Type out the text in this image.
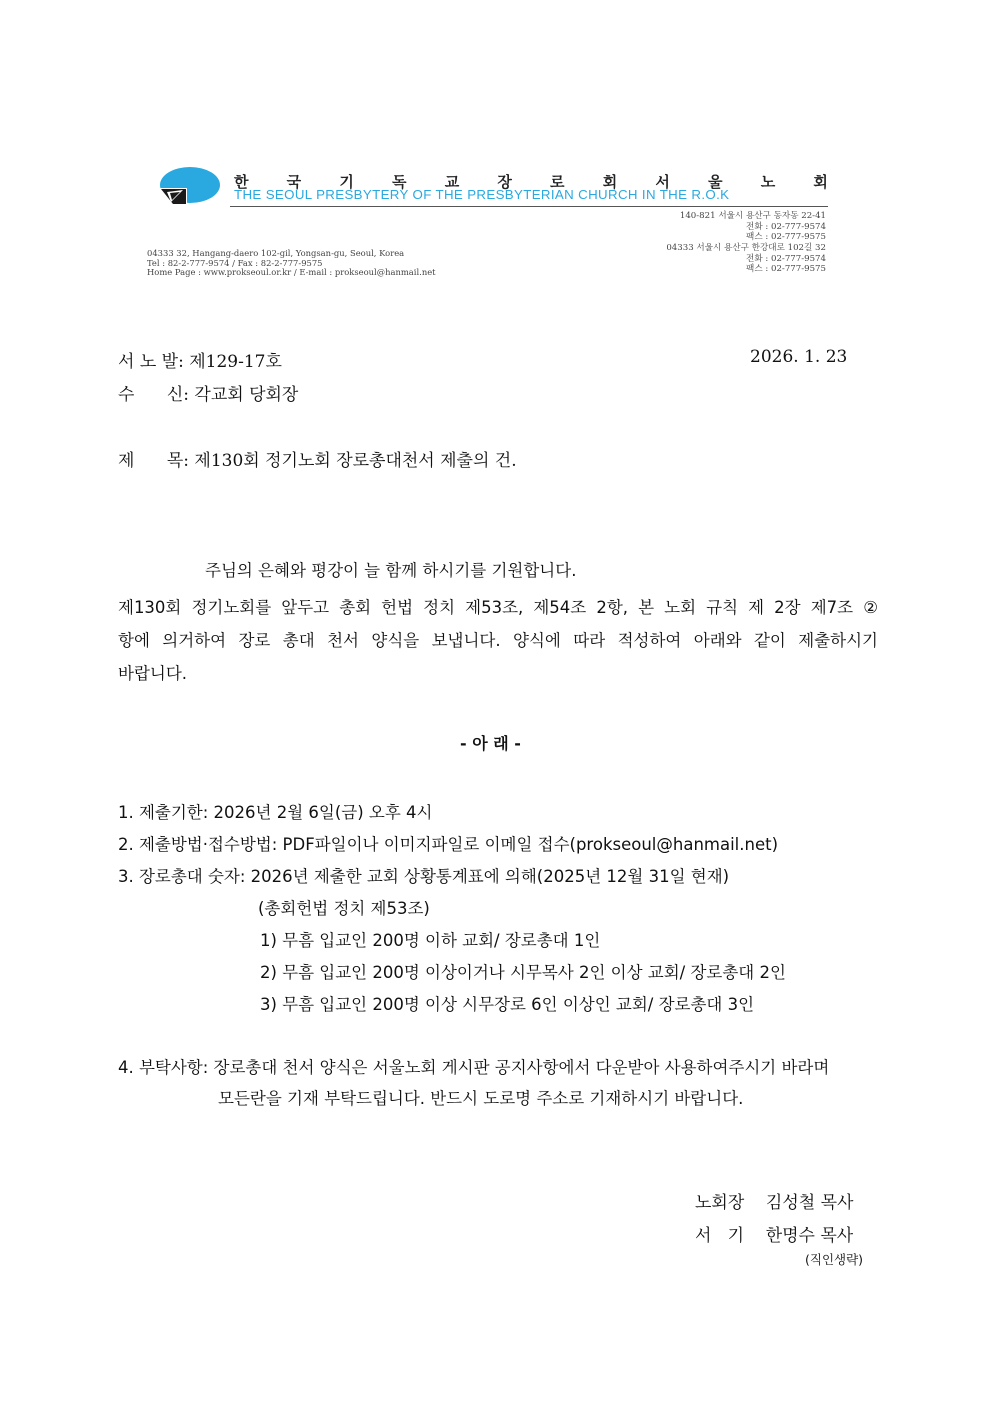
한	국	기	독	교	장	로	회	서	울	노	회
THE SEOUL PRESBYTERY OF THE PRESBYTERIAN CHURCH IN THE R.O.K
140-821 서울시 용산구 동자동 22-41
전화 : 02-777-9574
팩스 : 02-777-9575
04333 서울시 용산구 한강대로 102길 32
전화 : 02-777-9574
팩스 : 02-777-9575
04333 32, Hangang-daero 102-gil, Yongsan-gu, Seoul, Korea
Tel : 82-2-777-9574 / Fax : 82-2-777-9575
Home Page : www.prokseoul.or.kr / E-mail : prokseoul@hanmail.net
서 노 발: 제129-17호	2026. 1. 23
수      신: 각교회 당회장
제      목: 제130회 정기노회 장로총대천서 제출의 건.
주님의 은혜와 평강이 늘 함께 하시기를 기원합니다.
제130회 정기노회를 앞두고 총회 헌법 정치 제53조, 제54조 2항, 본 노회 규칙 제 2장 제7조 ②
항에 의거하여 장로 총대 천서 양식을 보냅니다. 양식에 따라 적성하여 아래와 같이 제출하시기
바랍니다.
- 아 래 -
1. 제출기한: 2026년 2월 6일(금) 오후 4시
2. 제출방법·접수방법: PDF파일이나 이미지파일로 이메일 접수(prokseoul@hanmail.net)
3. 장로총대 숫자: 2026년 제출한 교회 상황통계표에 의해(2025년 12월 31일 현재)
(총회헌법 정치 제53조)
1) 무흠 입교인 200명 이하 교회/ 장로총대 1인
2) 무흠 입교인 200명 이상이거나 시무목사 2인 이상 교회/ 장로총대 2인
3) 무흠 입교인 200명 이상 시무장로 6인 이상인 교회/ 장로총대 3인
4. 부탁사항: 장로총대 천서 양식은 서울노회 게시판 공지사항에서 다운받아 사용하여주시기 바라며
모든란을 기재 부탁드립니다. 반드시 도로명 주소로 기재하시기 바랍니다.
노회장 김성철 목사
서   기 한명수 목사
(직인생략)
